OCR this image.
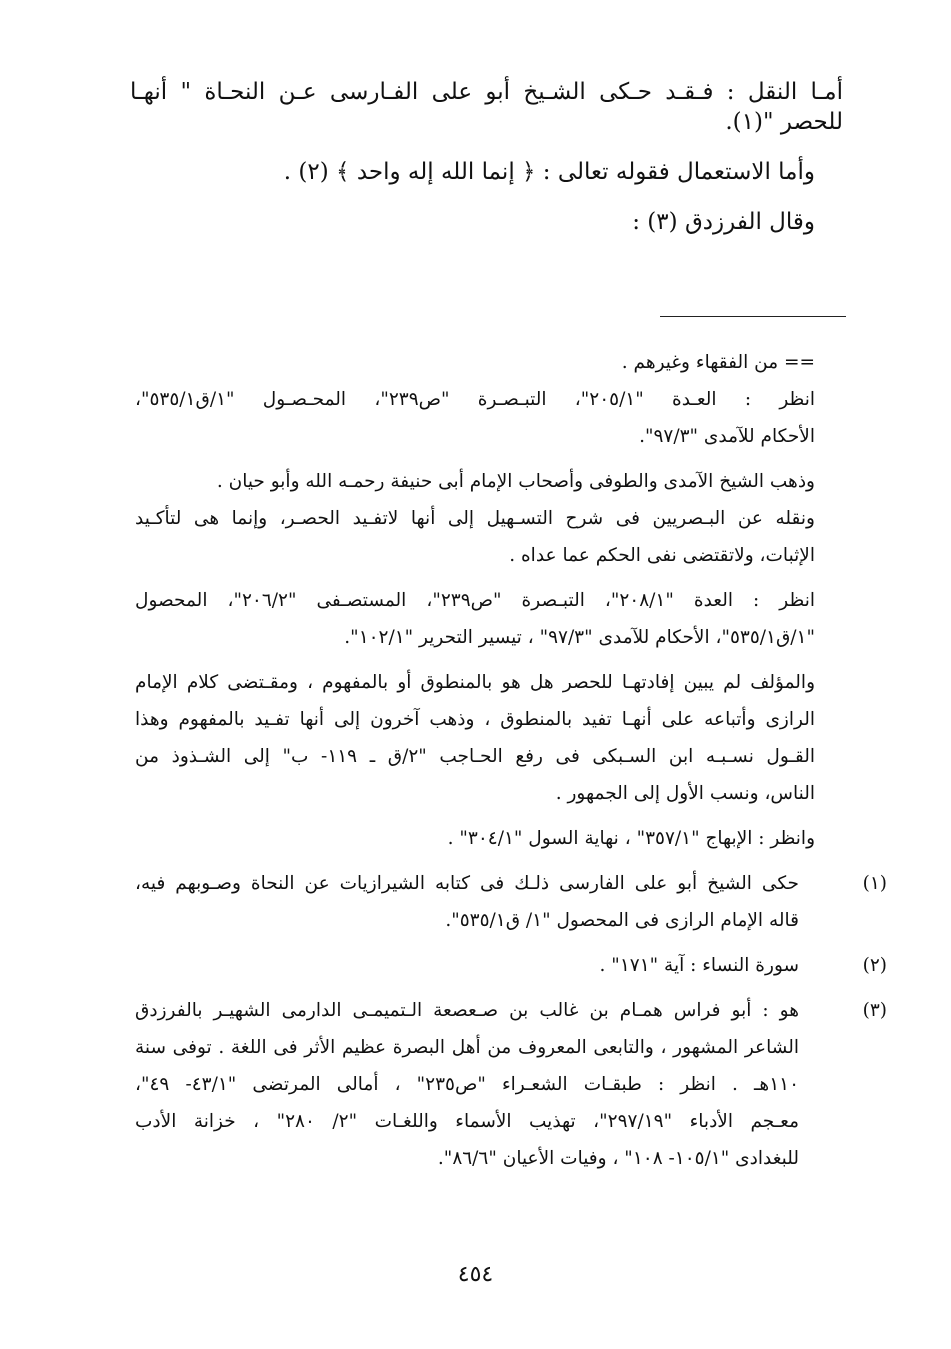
أمـا النقل : فـقـد حـكى الشـيخ أبو على الفـارسى عـن النحـاة " أنهـا

للحصر "(١).

وأما الاستعمال فقوله تعالى : ﴿ إنما الله إله واحد ﴾ (٢) .

وقال الفرزدق (٣) :

== من الفقهاء وغيرهم .

انظر : العـدة "٢٠٥/١"، التبـصـرة "ص٢٣٩"، المحـصـول "١/ق٥٣٥/١"،

الأحكام للآمدى "٩٧/٣".

وذهب الشيخ الآمدى والطوفى وأصحاب الإمام أبى حنيفة رحمـه الله وأبو حيان .

ونقله عن البـصريين فى شرح التسـهيل إلى أنها لاتفـيد الحصـر، وإنما هى لتأكـيد

الإثبات، ولاتقتضى نفى الحكم عما عداه .

انظر : العدة "٢٠٨/١"، التبـصرة "ص٢٣٩"، المستصـفى "٢٠٦/٢"، المحصول

"١/ق٥٣٥/١"، الأحكام للآمدى "٩٧/٣" ، تيسير التحرير "١٠٢/١".

والمؤلف لم يبين إفادتهـا للحصر هل هو بالمنطوق أو بالمفهوم ، ومقـتضى كلام الإمام

الرازى وأتباعه على أنهـا تفيد بالمنطوق ، وذهب آخرون إلى أنها تفـيد بالمفهوم وهذا

القـول نسـبـه ابن السـبكى فى رفع الحـاجب "٢/ق ـ ١١٩- ب" إلى الشـذوذ من

الناس، ونسب الأول إلى الجمهور .

وانظر : الإبهاج "٣٥٧/١" ، نهاية السول "٣٠٤/١" .

(١)

حكى الشيخ أبو على الفارسى ذلـك فى كتابه الشيرازيات عن النحاة وصـوبهم فيه،

قاله الإمام الرازى فى المحصول "١/ ق٥٣٥/١".

(٢)

سورة النساء : آية "١٧١" .

(٣)

هو : أبو فراس همـام بن غالب بن صـعصعة الـتميمـى الدارمى الشهيـر بالفرزدق

الشاعر المشهور ، والتابعى المعروف من أهل البصرة عظيم الأثر فى اللغة . توفى سنة

١١٠هـ . انظر : طبقـات الشعـراء "ص٢٣٥" ، أمالى المرتضى "٤٣/١- ٤٩"،

معـجم الأدباء "٢٩٧/١٩"، تهذيب الأسماء واللغـات "٢/ ٢٨٠" ، خزانة الأدب

للبغدادى "١٠٥/١- ١٠٨" ، وفيات الأعيان "٨٦/٦".

٤٥٤
